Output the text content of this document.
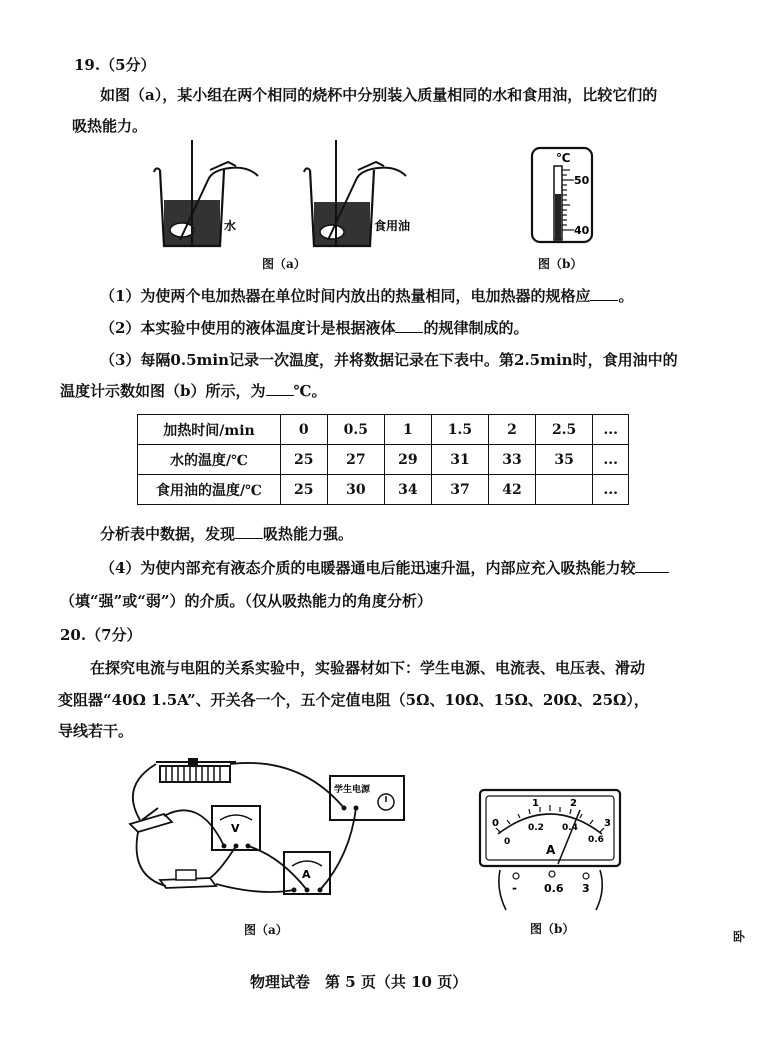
19.（5分）
如图（a），某小组在两个相同的烧杯中分别装入质量相同的水和食用油，比较它们的
吸热能力。
水	食用油
图（a）
℃
50
40
图（b）
（1）为使两个电加热器在单位时间内放出的热量相同，电加热器的规格应 。
（2）本实验中使用的液体温度计是根据液体 的规律制成的。
（3）每隔0.5min记录一次温度，并将数据记录在下表中。第2.5min时，食用油中的
温度计示数如图（b）所示，为 ℃。
加热时间/min	0	0.5	1	1.5	2	2.5	...
水的温度/℃	25	27	29	31	33	35	...
食用油的温度/℃	25	30	34	37	42		...
分析表中数据，发现 吸热能力强。
（4）为使内部充有液态介质的电暖器通电后能迅速升温，内部应充入吸热能力较
（填“强”或“弱”）的介质。（仅从吸热能力的角度分析）
20.（7分）
在探究电流与电阻的关系实验中，实验器材如下：学生电源、电流表、电压表、滑动
变阻器“40Ω 1.5A”、开关各一个，五个定值电阻（5Ω、10Ω、15Ω、20Ω、25Ω），
导线若干。
V
A
学生电源
图（a）
0
1	2
3
0
0.2 0.4
0.6
A
- 0.6 3
图（b）
卧
物理试卷　第 5 页（共 10 页）
